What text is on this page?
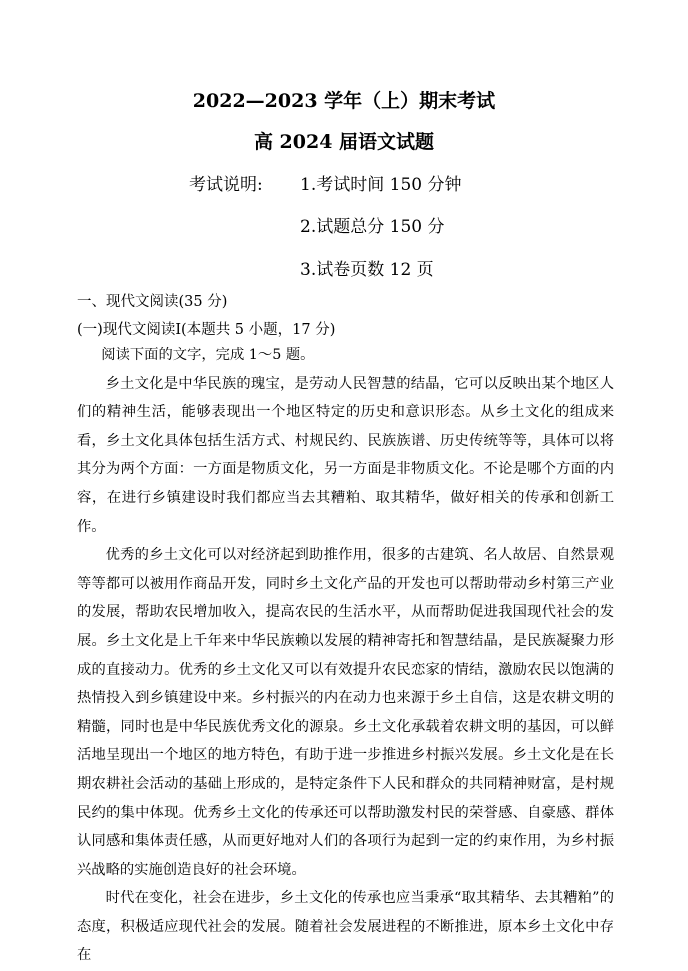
2022—2023 学年（上）期末考试
高 2024 届语文试题
考试说明: 1.考试时间 150 分钟
2.试题总分 150 分
3.试卷页数 12 页
一、现代文阅读(35 分)
(一)现代文阅读Ⅰ(本题共 5 小题，17 分)

阅读下面的文字，完成 1～5 题。

乡土文化是中华民族的瑰宝，是劳动人民智慧的结晶，它可以反映出某个地区人们的精神生活，能够表现出一个地区特定的历史和意识形态。从乡土文化的组成来看，乡土文化具体包括生活方式、村规民约、民族族谱、历史传统等等，具体可以将其分为两个方面：一方面是物质文化，另一方面是非物质文化。不论是哪个方面的内容，在进行乡镇建设时我们都应当去其糟粕、取其精华，做好相关的传承和创新工作。

优秀的乡土文化可以对经济起到助推作用，很多的古建筑、名人故居、自然景观等等都可以被用作商品开发，同时乡土文化产品的开发也可以帮助带动乡村第三产业的发展，帮助农民增加收入，提高农民的生活水平，从而帮助促进我国现代社会的发展。乡土文化是上千年来中华民族赖以发展的精神寄托和智慧结晶，是民族凝聚力形成的直接动力。优秀的乡土文化又可以有效提升农民恋家的情结，激励农民以饱满的热情投入到乡镇建设中来。乡村振兴的内在动力也来源于乡土自信，这是农耕文明的精髓，同时也是中华民族优秀文化的源泉。乡土文化承载着农耕文明的基因，可以鲜活地呈现出一个地区的地方特色，有助于进一步推进乡村振兴发展。乡土文化是在长期农耕社会活动的基础上形成的，是特定条件下人民和群众的共同精神财富，是村规民约的集中体现。优秀乡土文化的传承还可以帮助激发村民的荣誉感、自豪感、群体认同感和集体责任感，从而更好地对人们的各项行为起到一定的约束作用，为乡村振兴战略的实施创造良好的社会环境。

时代在变化，社会在进步，乡土文化的传承也应当秉承“取其精华、去其糟粕”的态度，积极适应现代社会的发展。随着社会发展进程的不断推进，原本乡土文化中存在
